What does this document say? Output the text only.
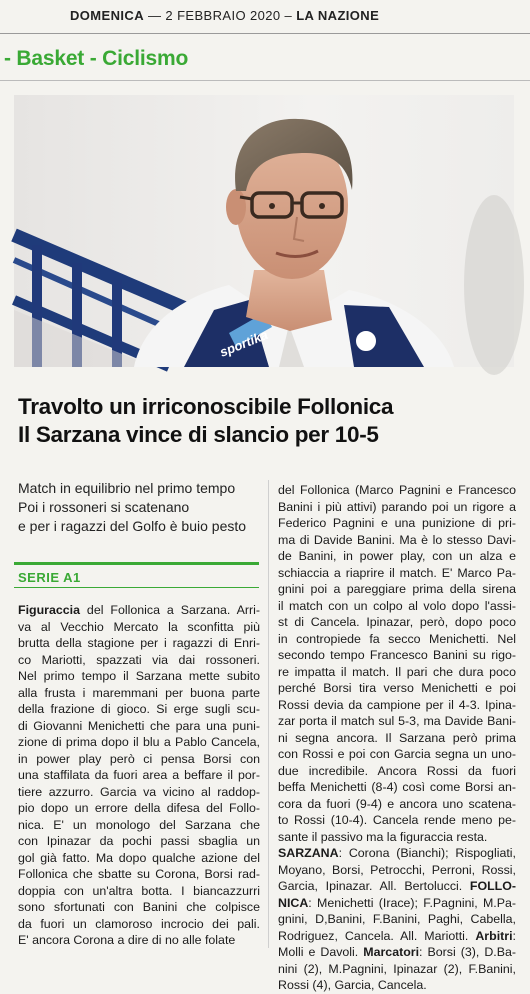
DOMENICA — 2 FEBBRAIO 2020 – LA NAZIONE
- Basket - Ciclismo
sportika
Travolto un irriconoscibile Follonica
Il Sarzana vince di slancio per 10-5
Match in equilibrio nel primo tempo
Poi i rossoneri si scatenano
e per i ragazzi del Golfo è buio pesto
SERIE A1
Figuraccia del Follonica a Sarzana. Arri-
va al Vecchio Mercato la sconfitta più
brutta della stagione per i ragazzi di Enri-
co Mariotti, spazzati via dai rossoneri.
Nel primo tempo il Sarzana mette subito
alla frusta i maremmani per buona parte
della frazione di gioco. Si erge sugli scu-
di Giovanni Menichetti che para una puni-
zione di prima dopo il blu a Pablo Cancela,
in power play però ci pensa Borsi con
una staffilata da fuori area a beffare il por-
tiere azzurro. Garcia va vicino al raddop-
pio dopo un errore della difesa del Follo-
nica. E' un monologo del Sarzana che
con Ipinazar da pochi passi sbaglia un
gol già fatto. Ma dopo qualche azione del
Follonica che sbatte su Corona, Borsi rad-
doppia con un'altra botta. I biancazzurri
sono sfortunati con Banini che colpisce
da fuori un clamoroso incrocio dei pali.
E' ancora Corona a dire di no alle folate
del Follonica (Marco Pagnini e Francesco
Banini i più attivi) parando poi un rigore a
Federico Pagnini e una punizione di pri-
ma di Davide Banini. Ma è lo stesso Davi-
de Banini, in power play, con un alza e
schiaccia a riaprire il match. E' Marco Pa-
gnini poi a pareggiare prima della sirena
il match con un colpo al volo dopo l'assi-
st di Cancela. Ipinazar, però, dopo poco
in contropiede fa secco Menichetti. Nel
secondo tempo Francesco Banini su rigo-
re impatta il match. Il pari che dura poco
perché Borsi tira verso Menichetti e poi
Rossi devia da campione per il 4-3. Ipina-
zar porta il match sul 5-3, ma Davide Bani-
ni segna ancora. Il Sarzana però prima
con Rossi e poi con Garcia segna un uno-
due incredibile. Ancora Rossi da fuori
beffa Menichetti (8-4) così come Borsi an-
cora da fuori (9-4) e ancora uno scatena-
to Rossi (10-4). Cancela rende meno pe-
sante il passivo ma la figuraccia resta.
SARZANA: Corona (Bianchi); Rispogliati,
Moyano, Borsi, Petrocchi, Perroni, Rossi,
Garcia, Ipinazar. All. Bertolucci. FOLLO-
NICA: Menichetti (Irace); F.Pagnini, M.Pa-
gnini, D,Banini, F.Banini, Paghi, Cabella,
Rodriguez, Cancela. All. Mariotti. Arbitri:
Molli e Davoli. Marcatori: Borsi (3), D.Ba-
nini (2), M.Pagnini, Ipinazar (2), F.Banini,
Rossi (4), Garcia, Cancela.
